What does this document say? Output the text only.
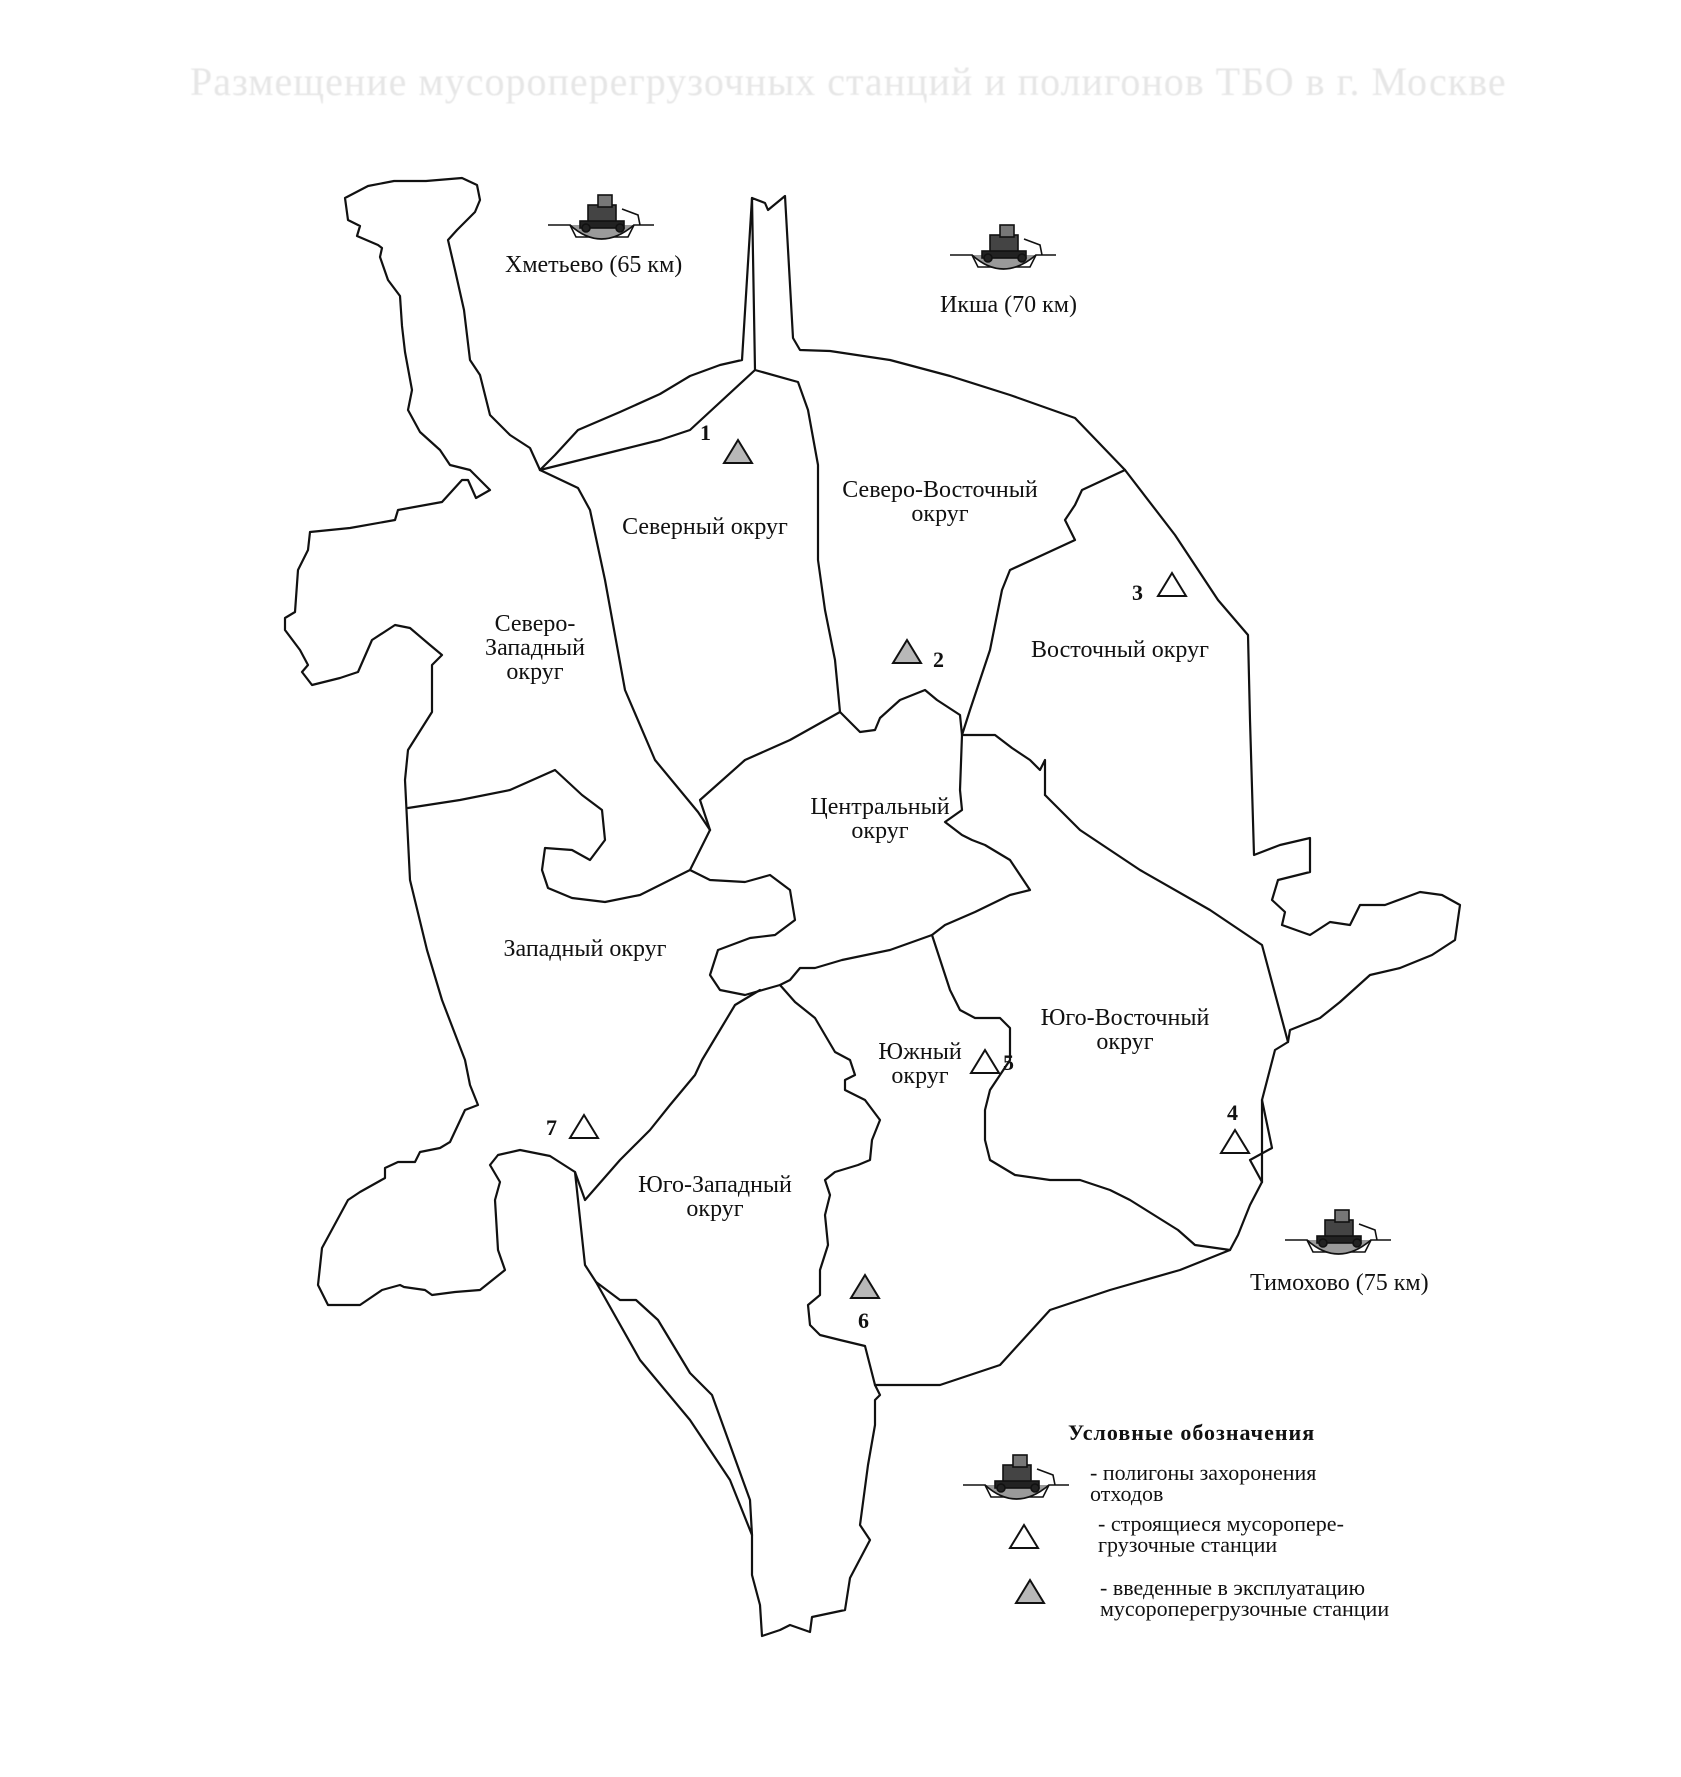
Размещение мусороперегрузочных станций и полигонов ТБО в г. Москве
Северный округ
Северо-Восточный
округ
Северо-
Западный
округ
Восточный округ
Центральный
округ
Западный округ
Юго-Восточный
округ
Южный
округ
Юго-Западный
округ
Хметьево (65 км)
Икша (70 км)
Тимохово (75 км)
1
2
3
4
5
6
7
Условные обозначения
- полигоны захоронения
отходов
- строящиеся мусоропере-
грузочные станции
- введенные в эксплуатацию
мусороперегрузочные станции
